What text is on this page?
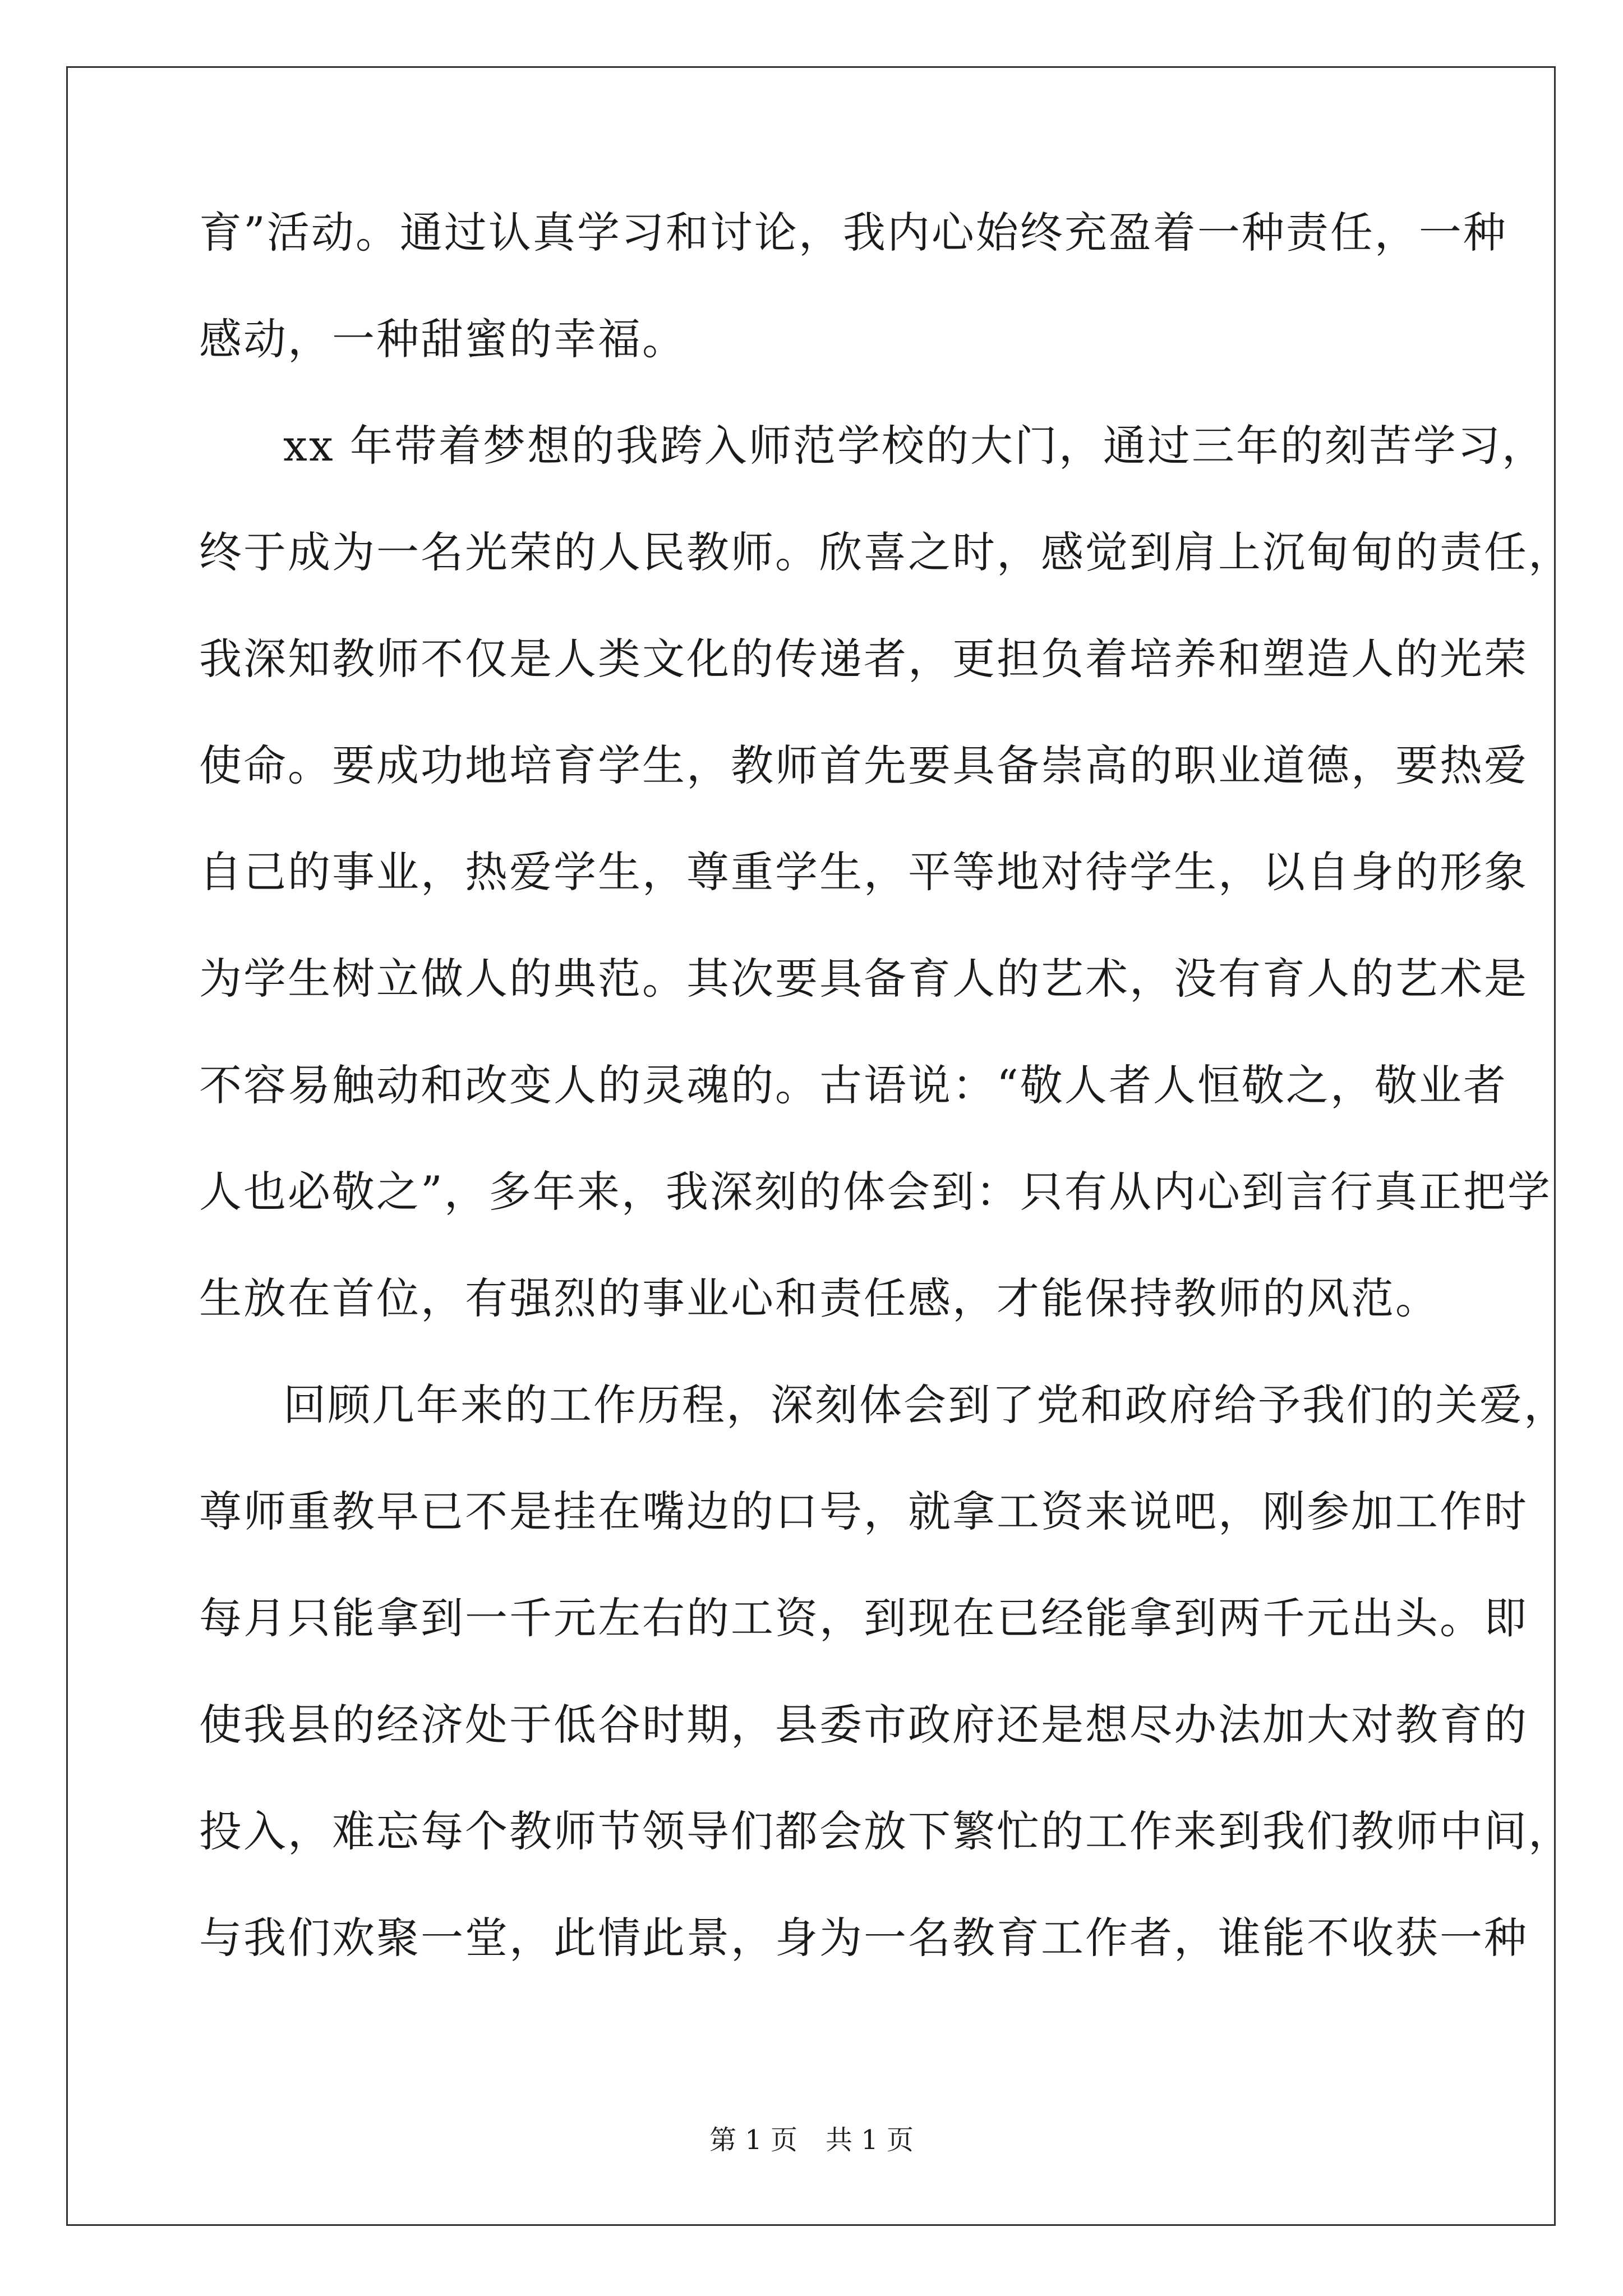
育”活动。通过认真学习和讨论，我内心始终充盈着一种责任，一种
感动，一种甜蜜的幸福。
xx 年带着梦想的我跨入师范学校的大门，通过三年的刻苦学习，
终于成为一名光荣的人民教师。欣喜之时，感觉到肩上沉甸甸的责任，
我深知教师不仅是人类文化的传递者，更担负着培养和塑造人的光荣
使命。要成功地培育学生，教师首先要具备崇高的职业道德，要热爱
自己的事业，热爱学生，尊重学生，平等地对待学生，以自身的形象
为学生树立做人的典范。其次要具备育人的艺术，没有育人的艺术是
不容易触动和改变人的灵魂的。古语说：“敬人者人恒敬之，敬业者
人也必敬之”，多年来，我深刻的体会到：只有从内心到言行真正把学
生放在首位，有强烈的事业心和责任感，才能保持教师的风范。
回顾几年来的工作历程，深刻体会到了党和政府给予我们的关爱，
尊师重教早已不是挂在嘴边的口号，就拿工资来说吧，刚参加工作时
每月只能拿到一千元左右的工资，到现在已经能拿到两千元出头。即
使我县的经济处于低谷时期，县委市政府还是想尽办法加大对教育的
投入，难忘每个教师节领导们都会放下繁忙的工作来到我们教师中间，
与我们欢聚一堂，此情此景，身为一名教育工作者，谁能不收获一种
第 1 页 共 1 页
